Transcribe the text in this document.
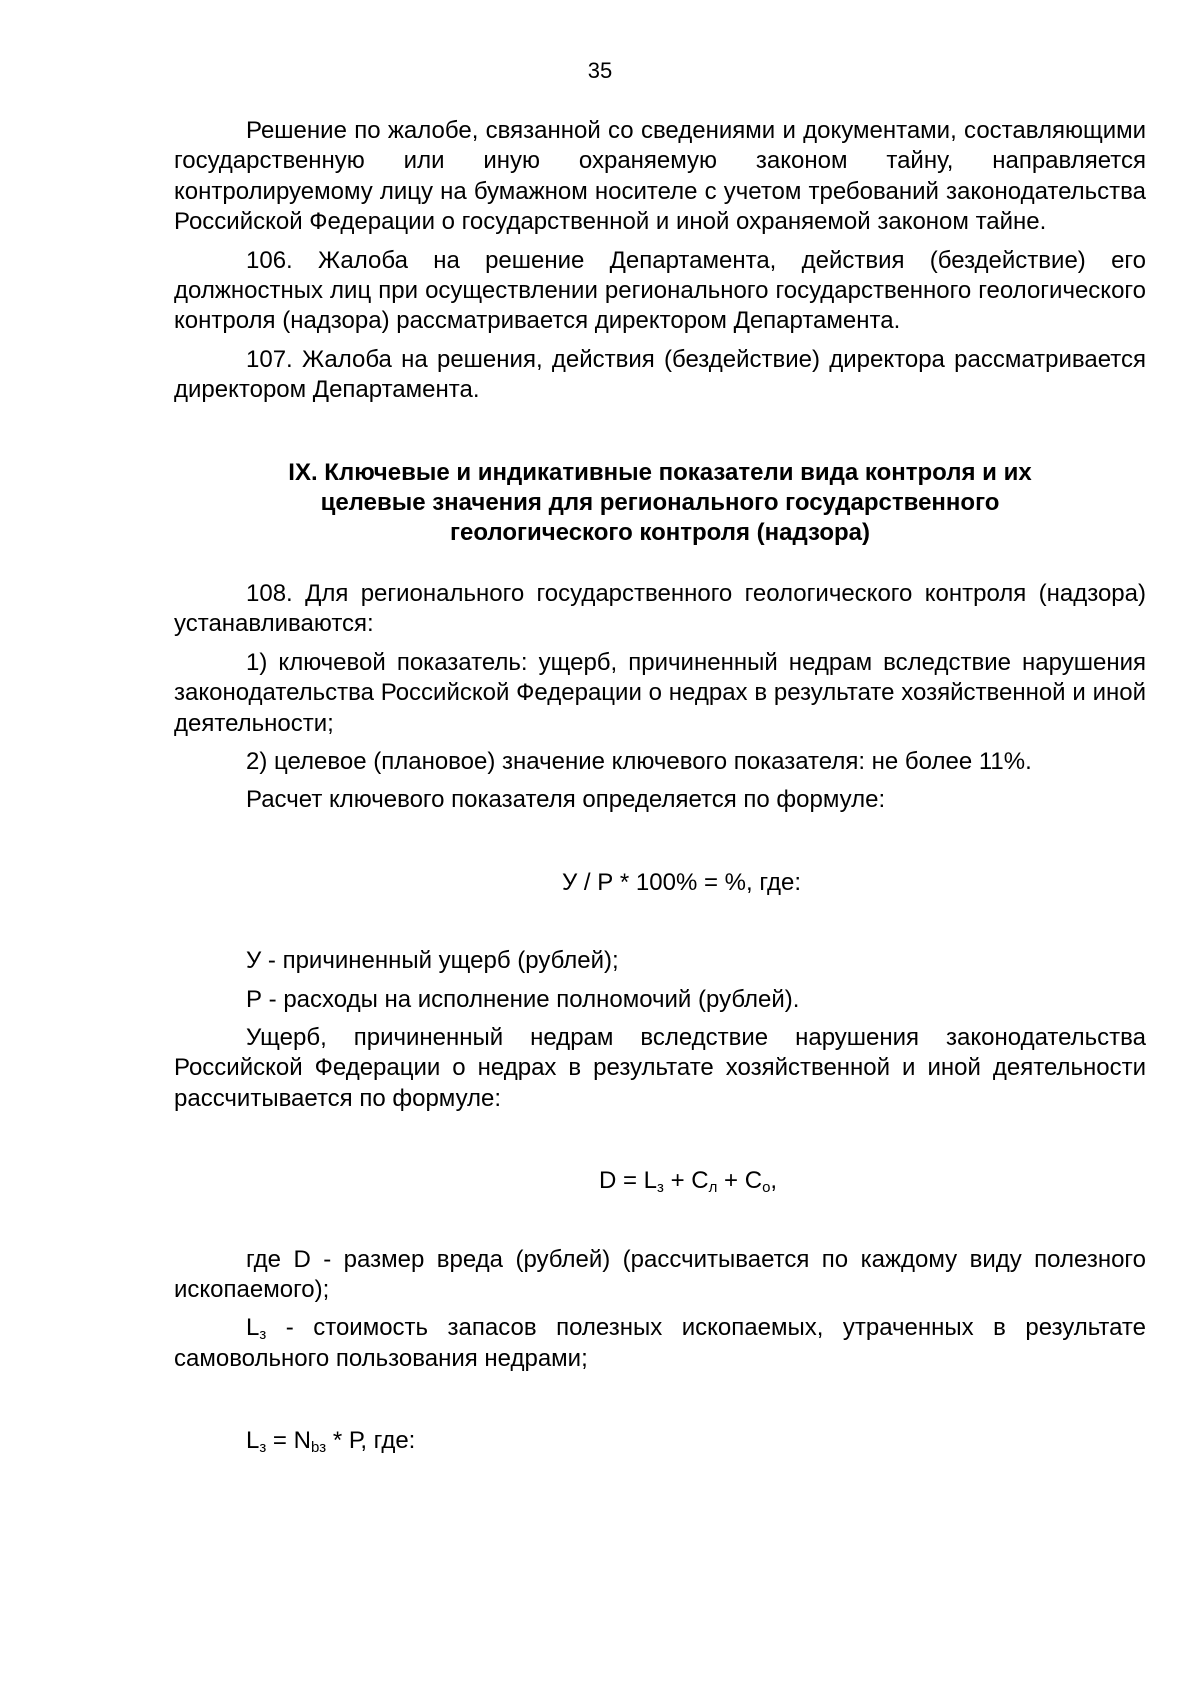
35

Решение по жалобе, связанной со сведениями и документами, составляющими государственную или иную охраняемую законом тайну, направляется контролируемому лицу на бумажном носителе с учетом требований законодательства Российской Федерации о государственной и иной охраняемой законом тайне.

106. Жалоба на решение Департамента, действия (бездействие) его должностных лиц при осуществлении регионального государственного геологического контроля (надзора) рассматривается директором Департамента.

107. Жалоба на решения, действия (бездействие) директора рассматривается директором Департамента.

IX. Ключевые и индикативные показатели вида контроля и их
целевые значения для регионального государственного
геологического контроля (надзора)

108. Для регионального государственного геологического контроля (надзора) устанавливаются:

1) ключевой показатель: ущерб, причиненный недрам вследствие нарушения законодательства Российской Федерации о недрах в результате хозяйственной и иной деятельности;

2) целевое (плановое) значение ключевого показателя: не более 11%.

Расчет ключевого показателя определяется по формуле:

У / Р * 100% = %, где:

У - причиненный ущерб (рублей);

Р - расходы на исполнение полномочий (рублей).

Ущерб, причиненный недрам вследствие нарушения законодательства Российской Федерации о недрах в результате хозяйственной и иной деятельности рассчитывается по формуле:

$D = L_з + С_л + С_о$,

где D - размер вреда (рублей) (рассчитывается по каждому виду полезного ископаемого);

$L_з$ - стоимость запасов полезных ископаемых, утраченных в результате самовольного пользования недрами;

$L_з = N_{bз} * Р$, где:
